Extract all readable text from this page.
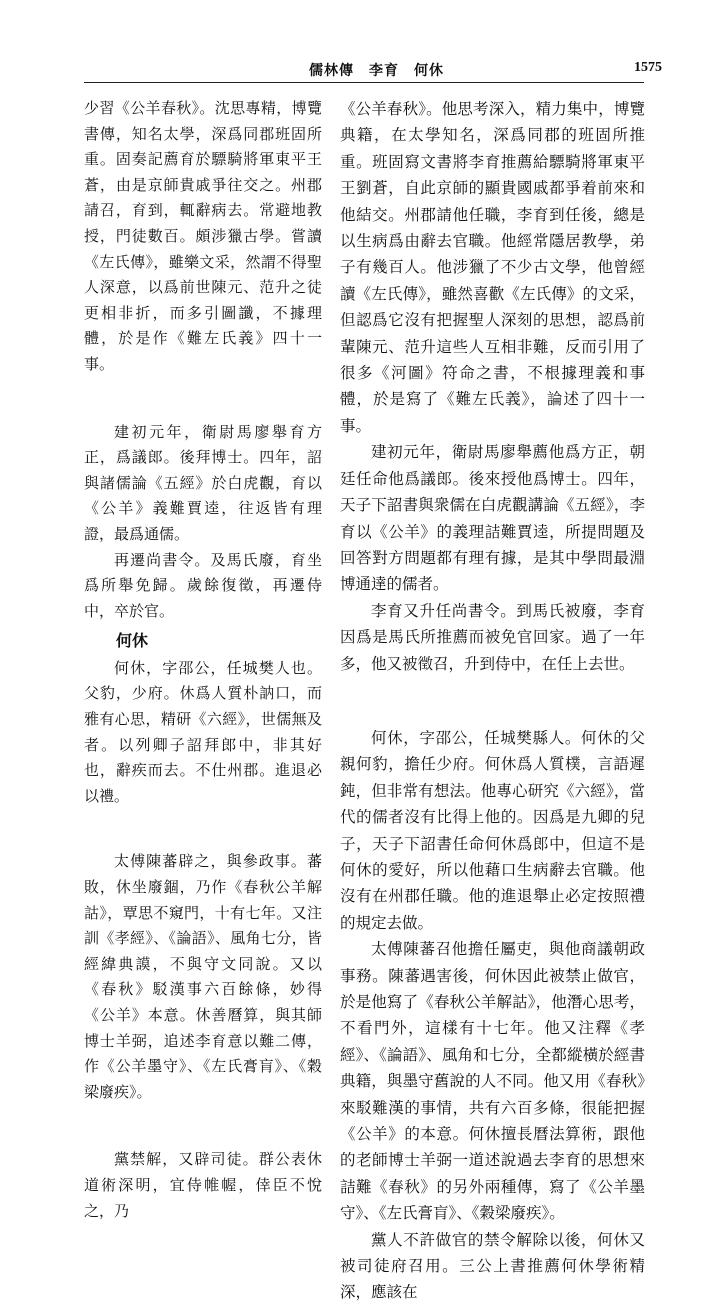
儒林傳　李育　何休	1575

少習《公羊春秋》。沈思專精，博覽書傳，知名太學，深爲同郡班固所重。固奏記薦育於驃騎將軍東平王蒼，由是京師貴戚爭往交之。州郡請召，育到，輒辭病去。常避地教授，門徒數百。頗涉獵古學。嘗讀《左氏傳》，雖樂文采，然謂不得聖人深意，以爲前世陳元、范升之徒更相非折，而多引圖讖，不據理體，於是作《難左氏義》四十一事。

建初元年，衛尉馬廖舉育方正，爲議郎。後拜博士。四年，詔與諸儒論《五經》於白虎觀，育以《公羊》義難賈逵，往返皆有理證，最爲通儒。

再遷尚書令。及馬氏廢，育坐爲所舉免歸。歲餘復徵，再遷侍中，卒於官。

何休

何休，字邵公，任城樊人也。父豹，少府。休爲人質朴訥口，而雅有心思，精研《六經》，世儒無及者。以列卿子詔拜郎中，非其好也，辭疾而去。不仕州郡。進退必以禮。

太傅陳蕃辟之，與參政事。蕃敗，休坐廢錮，乃作《春秋公羊解詁》，覃思不窺門，十有七年。又注訓《孝經》、《論語》、風角七分，皆經緯典謨，不與守文同說。又以《春秋》駁漢事六百餘條，妙得《公羊》本意。休善曆算，與其師博士羊弼，追述李育意以難二傳，作《公羊墨守》、《左氏膏肓》、《穀梁廢疾》。

黨禁解，又辟司徒。群公表休道術深明，宜侍帷幄，倖臣不悅之，乃

《公羊春秋》。他思考深入，精力集中，博覽典籍，在太學知名，深爲同郡的班固所推重。班固寫文書將李育推薦給驃騎將軍東平王劉蒼，自此京師的顯貴國戚都爭着前來和他結交。州郡請他任職，李育到任後，總是以生病爲由辭去官職。他經常隱居教學，弟子有幾百人。他涉獵了不少古文學，他曾經讀《左氏傳》，雖然喜歡《左氏傳》的文采，但認爲它沒有把握聖人深刻的思想，認爲前輩陳元、范升這些人互相非難，反而引用了很多《河圖》符命之書，不根據理義和事體，於是寫了《難左氏義》，論述了四十一事。

建初元年，衛尉馬廖舉薦他爲方正，朝廷任命他爲議郎。後來授他爲博士。四年，天子下詔書與衆儒在白虎觀講論《五經》，李育以《公羊》的義理詰難賈逵，所提問題及回答對方問題都有理有據，是其中學問最淵博通達的儒者。

李育又升任尚書令。到馬氏被廢，李育因爲是馬氏所推薦而被免官回家。過了一年多，他又被徵召，升到侍中，在任上去世。

何休，字邵公，任城樊縣人。何休的父親何豹，擔任少府。何休爲人質樸，言語遲鈍，但非常有想法。他專心研究《六經》，當代的儒者沒有比得上他的。因爲是九卿的兒子，天子下詔書任命何休爲郎中，但這不是何休的愛好，所以他藉口生病辭去官職。他沒有在州郡任職。他的進退舉止必定按照禮的規定去做。

太傅陳蕃召他擔任屬吏，與他商議朝政事務。陳蕃遇害後，何休因此被禁止做官，於是他寫了《春秋公羊解詁》，他潛心思考，不看門外，這樣有十七年。他又注釋《孝經》、《論語》、風角和七分，全都縱橫於經書典籍，與墨守舊說的人不同。他又用《春秋》來駁難漢的事情，共有六百多條，很能把握《公羊》的本意。何休擅長曆法算術，跟他的老師博士羊弼一道述說過去李育的思想來詰難《春秋》的另外兩種傳，寫了《公羊墨守》、《左氏膏肓》、《穀梁廢疾》。

黨人不許做官的禁令解除以後，何休又被司徒府召用。三公上書推薦何休學術精深，應該在
